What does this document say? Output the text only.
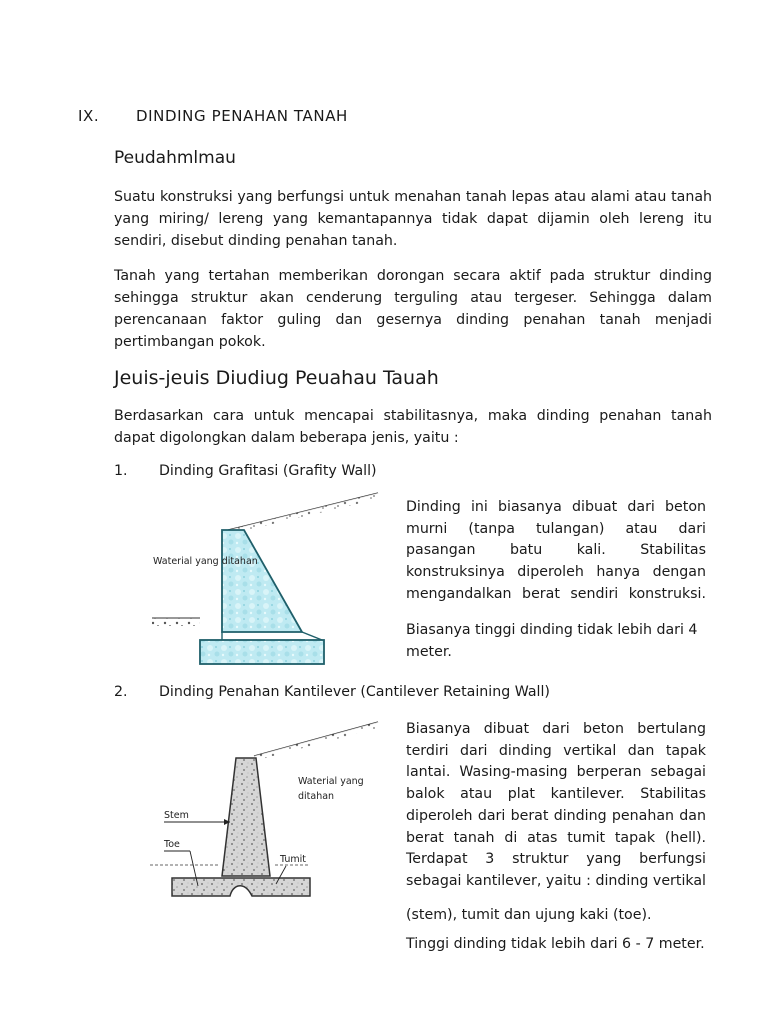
IX. DINDING PENAHAN TANAH
Peudahmlmau

Suatu konstruksi yang berfungsi untuk menahan tanah lepas atau alami atau tanah yang miring/ lereng yang kemantapannya tidak dapat dijamin oleh lereng itu sendiri, disebut dinding penahan tanah.

Tanah yang tertahan memberikan dorongan secara aktif pada struktur dinding sehingga struktur akan cenderung terguling atau tergeser. Sehingga dalam perencanaan faktor guling dan gesernya dinding penahan tanah menjadi pertimbangan pokok.

Jeuis-jeuis Diudiug Peuahau Tauah

Berdasarkan cara untuk mencapai stabilitasnya, maka dinding penahan tanah dapat digolongkan dalam beberapa jenis, yaitu :

1. Dinding Grafitasi (Grafity Wall)
Waterial yang ditahan

Dinding ini biasanya dibuat dari beton murni (tanpa tulangan) atau dari pasangan batu kali. Stabilitas konstruksinya diperoleh hanya dengan mengandalkan berat sendiri konstruksi.

Biasanya tinggi dinding tidak lebih dari 4 meter.

2. Dinding Penahan Kantilever (Cantilever Retaining Wall)
Waterial yang
ditahan
Stem
Toe
Tumit

Biasanya dibuat dari beton bertulang terdiri dari dinding vertikal dan tapak lantai. Wasing-masing berperan sebagai balok atau plat kantilever. Stabilitas diperoleh dari berat dinding penahan dan berat tanah di atas tumit tapak (hell). Terdapat 3 struktur yang berfungsi sebagai kantilever, yaitu : dinding vertikal

(stem), tumit dan ujung kaki (toe).

Tinggi dinding tidak lebih dari 6 - 7 meter.
